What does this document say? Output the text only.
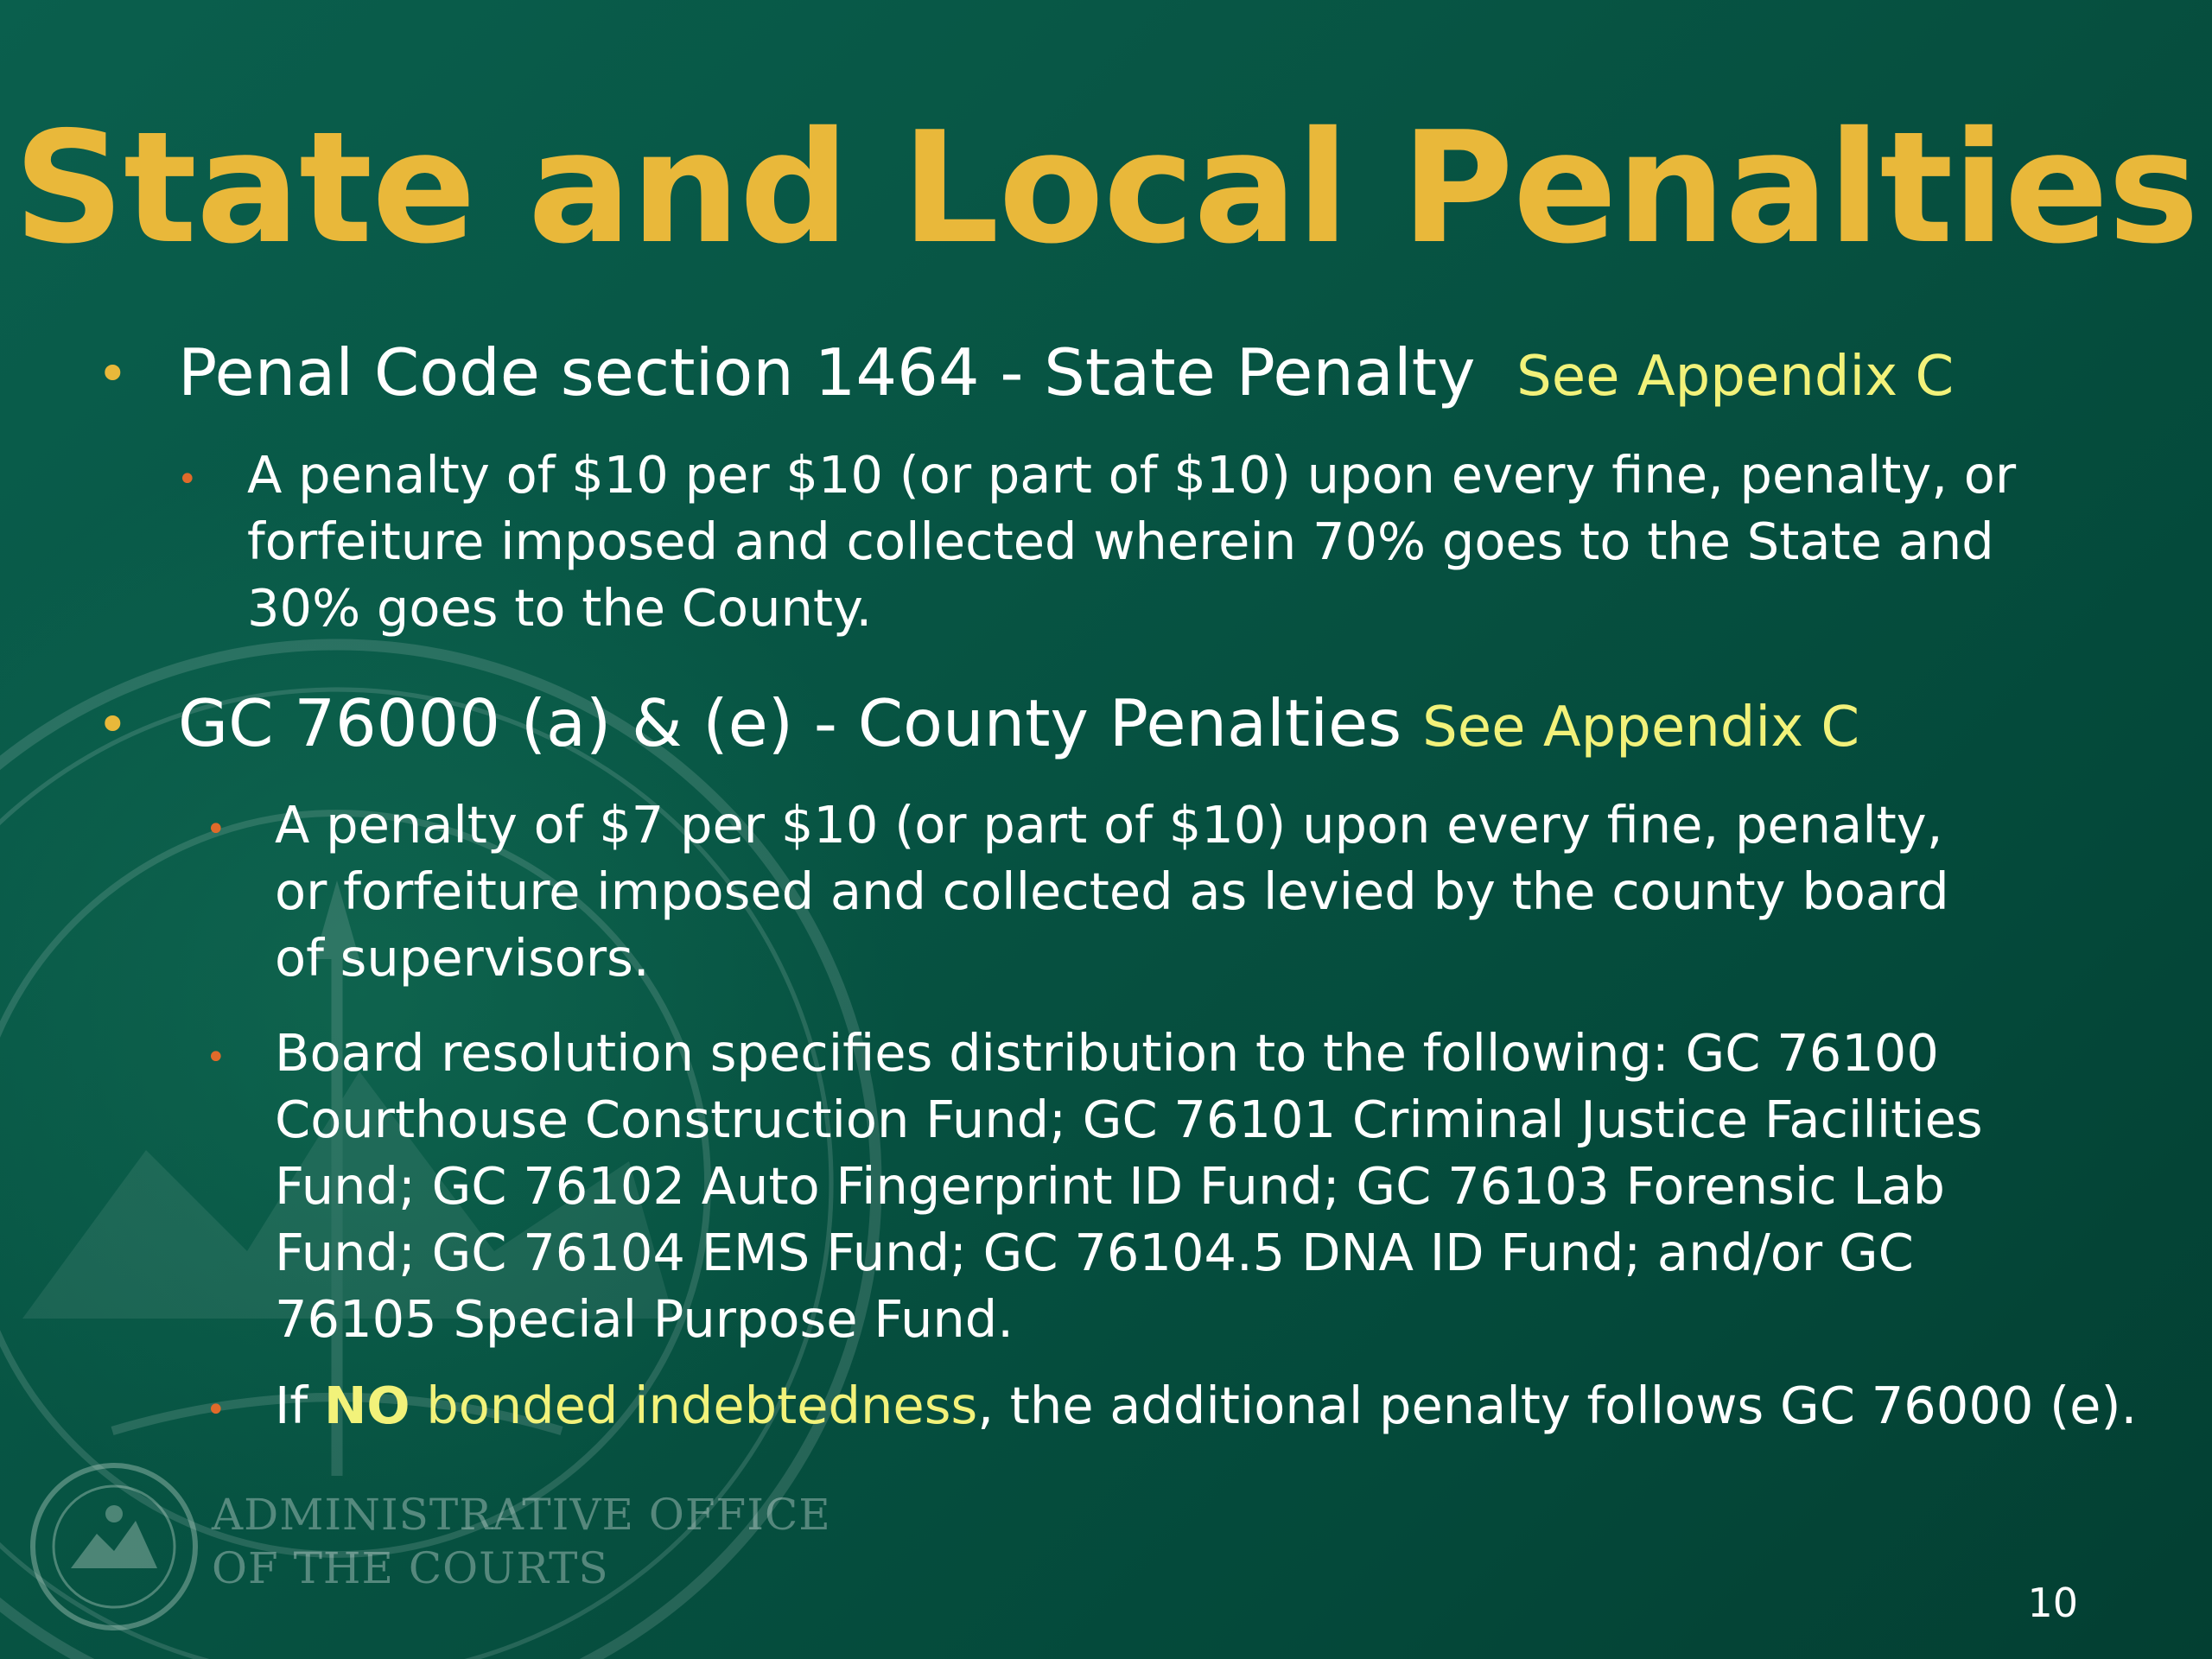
State and Local Penalties
• Penal Code section 1464 - State Penalty See Appendix C
• A penalty of $10 per $10 (or part of $10) upon every fine, penalty, or forfeiture imposed and collected wherein 70% goes to the State and 30% goes to the County.
• GC 76000 (a) & (e) - County Penalties See Appendix C
• A penalty of $7 per $10 (or part of $10) upon every fine, penalty, or forfeiture imposed and collected as levied by the county board of supervisors.
• Board resolution specifies distribution to the following: GC 76100 Courthouse Construction Fund; GC 76101 Criminal Justice Facilities Fund; GC 76102 Auto Fingerprint ID Fund; GC 76103 Forensic Lab Fund; GC 76104 EMS Fund; GC 76104.5 DNA ID Fund; and/or GC 76105 Special Purpose Fund.
• If NO bonded indebtedness, the additional penalty follows GC 76000 (e).
ADMINISTRATIVE OFFICE
OF THE COURTS
10
